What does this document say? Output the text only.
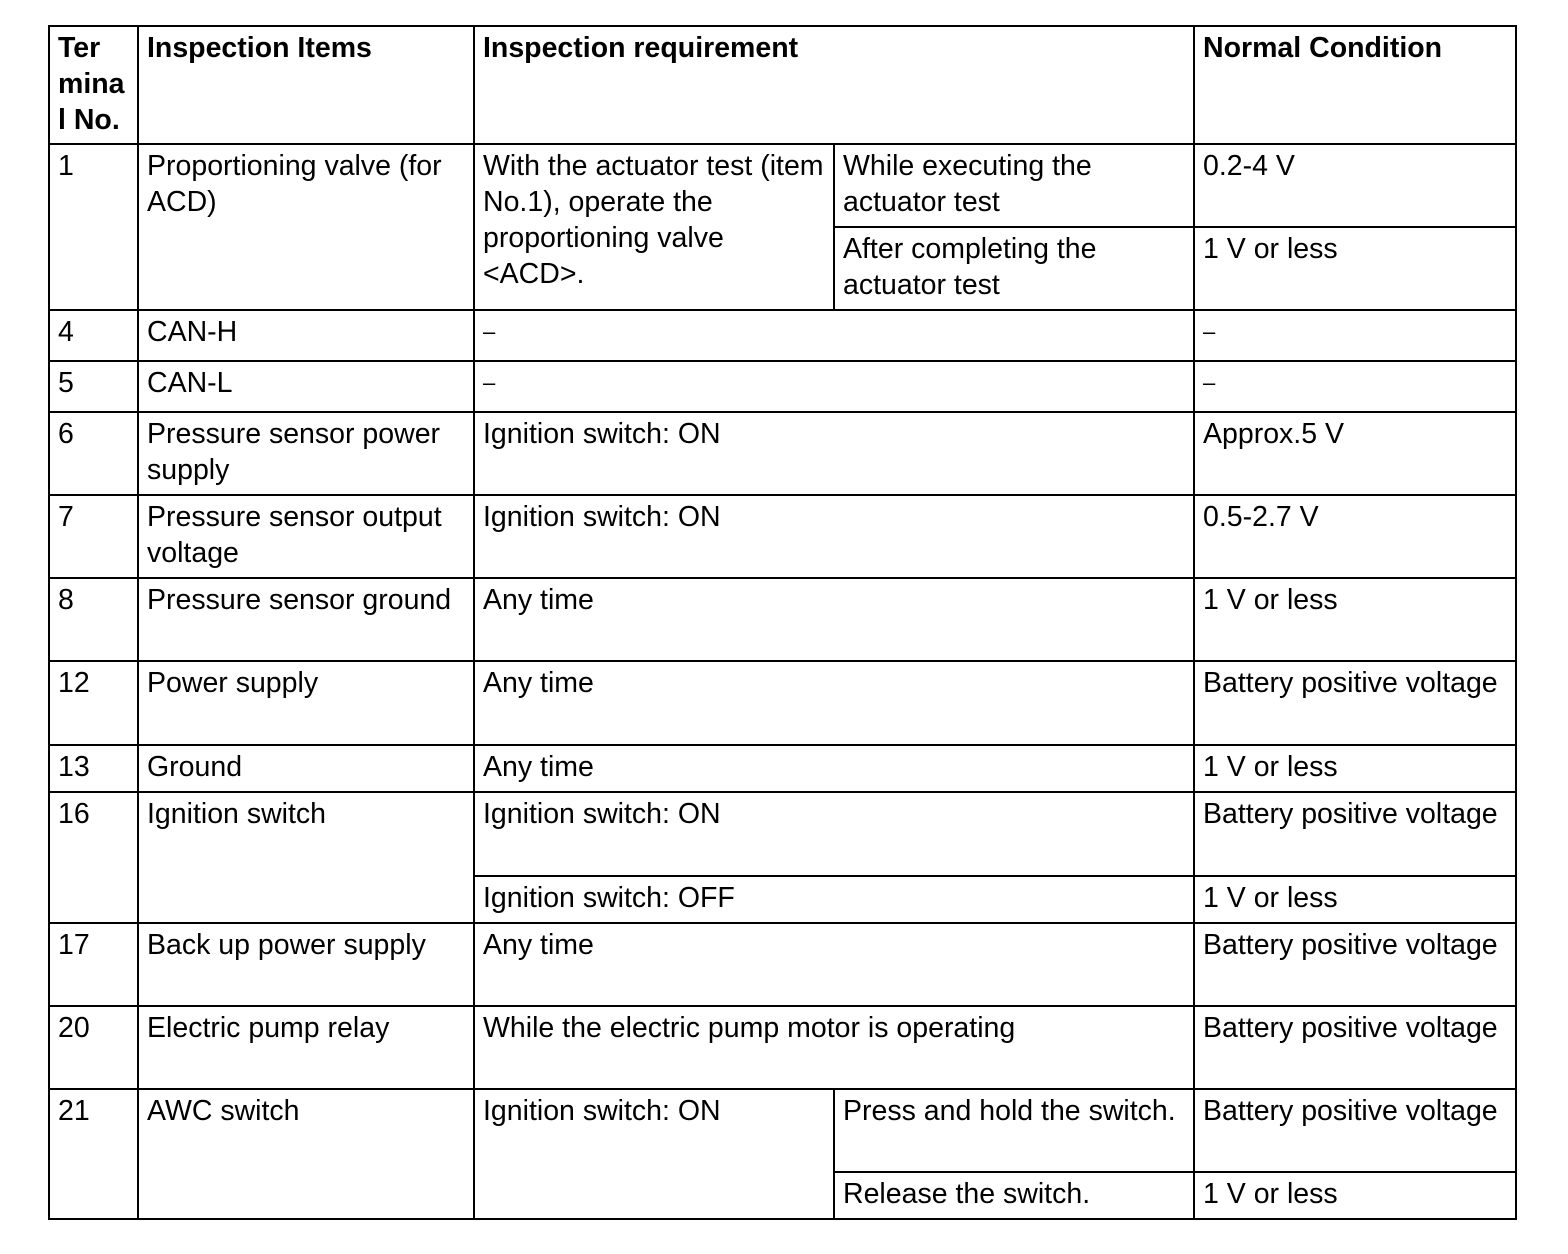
Ter
mina
l No.	Inspection Items	Inspection requirement		Normal Condition
1	Proportioning valve (for ACD)	With the actuator test (item No.1), operate the proportioning valve <ACD>.	While executing the actuator test	0.2-4 V
			After completing the actuator test	1 V or less
4	CAN-H	–		–
5	CAN-L	–		–
6	Pressure sensor power supply	Ignition switch: ON		Approx.5 V
7	Pressure sensor output voltage	Ignition switch: ON		0.5-2.7 V
8	Pressure sensor ground	Any time		1 V or less
12	Power supply	Any time		Battery positive voltage
13	Ground	Any time		1 V or less
16	Ignition switch	Ignition switch: ON		Battery positive voltage
		Ignition switch: OFF		1 V or less
17	Back up power supply	Any time		Battery positive voltage
20	Electric pump relay	While the electric pump motor is operating		Battery positive voltage
21	AWC switch	Ignition switch: ON	Press and hold the switch.	Battery positive voltage
			Release the switch.	1 V or less
